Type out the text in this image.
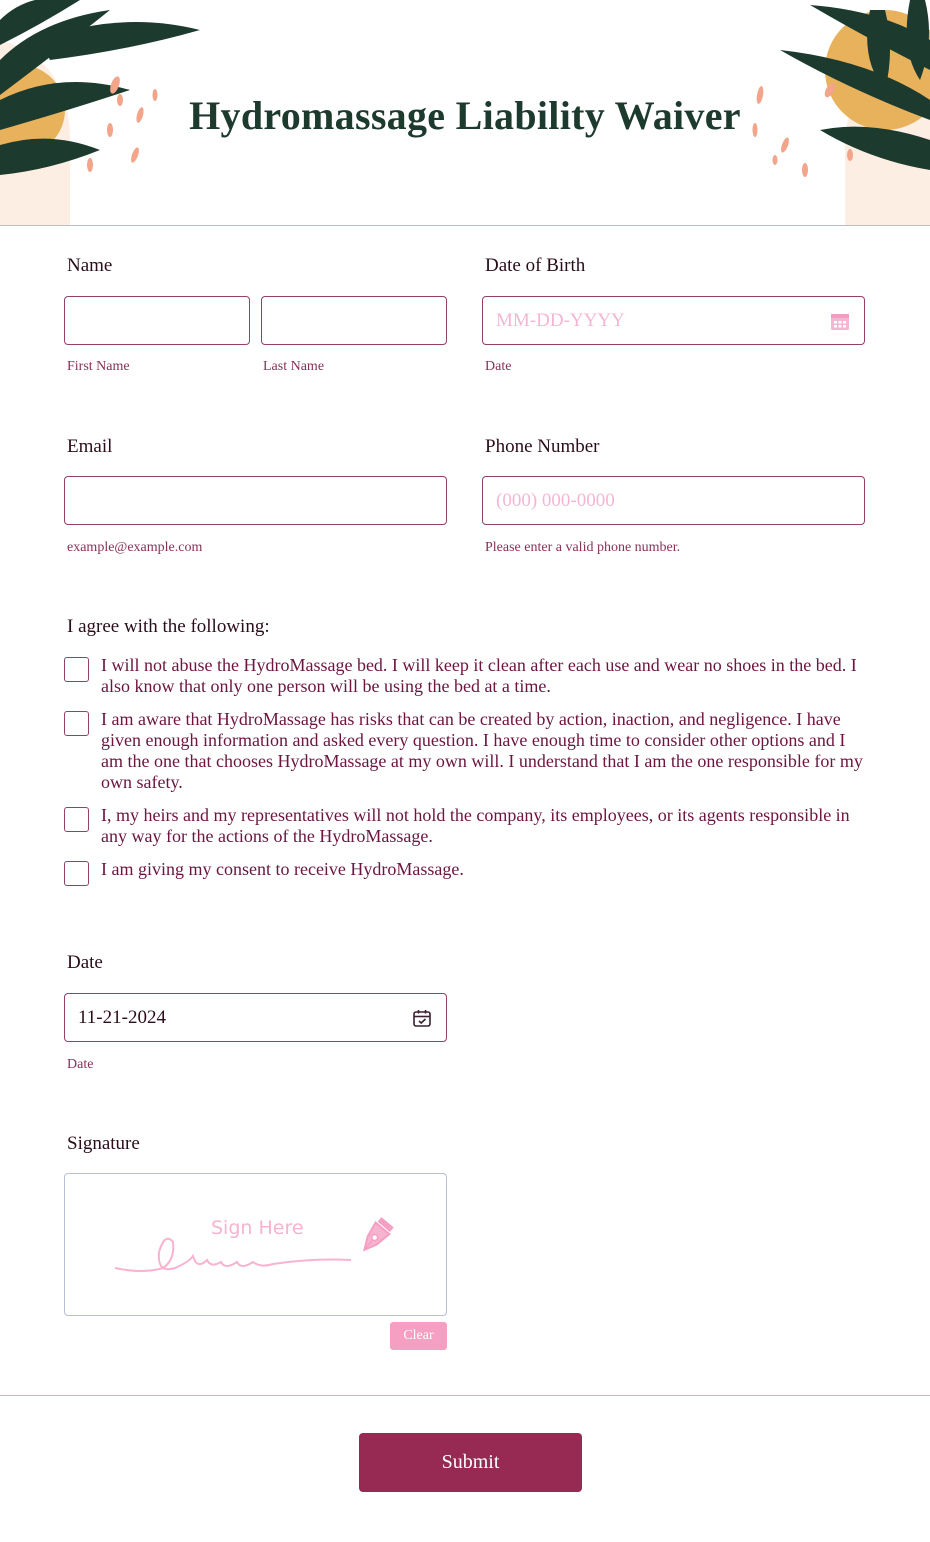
Hydromassage Liability Waiver
Name
First Name	Last Name
Date of Birth
MM-DD-YYYY
Date
Email
example@example.com
Phone Number
(000) 000-0000
Please enter a valid phone number.
I agree with the following:
I will not abuse the HydroMassage bed. I will keep it clean after each use and wear no shoes in the bed. I also know that only one person will be using the bed at a time.
I am aware that HydroMassage has risks that can be created by action, inaction, and negligence. I have given enough information and asked every question. I have enough time to consider other options and I am the one that chooses HydroMassage at my own will. I understand that I am the one responsible for my own safety.
I, my heirs and my representatives will not hold the company, its employees, or its agents responsible in any way for the actions of the HydroMassage.
I am giving my consent to receive HydroMassage.
Date
11-21-2024
Date
Signature
Sign Here
Clear
Submit
